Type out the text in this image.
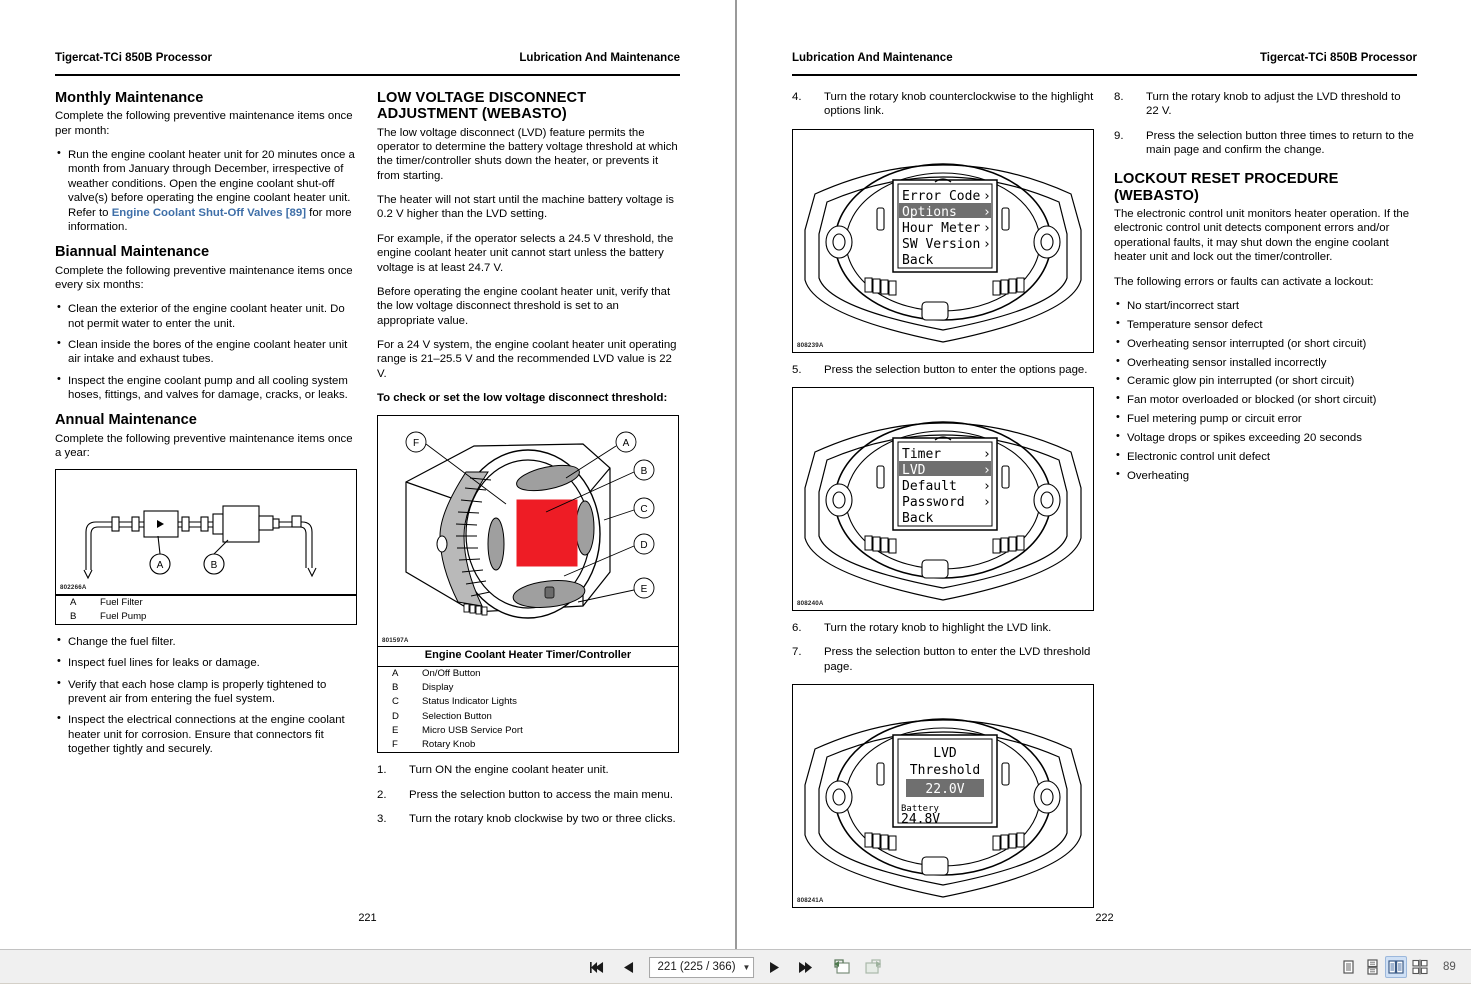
Tigercat-TCi 850B Processor	Lubrication And Maintenance
Monthly Maintenance

Complete the following preventive maintenance items once per month:

• Run the engine coolant heater unit for 20 minutes once a month from January through December, irrespective of weather conditions. Open the engine coolant shut-off valve(s) before operating the engine coolant heater unit. Refer to Engine Coolant Shut-Off Valves [89] for more information.
Biannual Maintenance

Complete the following preventive maintenance items once every six months:

• Clean the exterior of the engine coolant heater unit. Do not permit water to enter the unit.
• Clean inside the bores of the engine coolant heater unit air intake and exhaust tubes.
• Inspect the engine coolant pump and all cooling system hoses, fittings, and valves for damage, cracks, or leaks.
Annual Maintenance

Complete the following preventive maintenance items once a year:

A	B
802266A
A	Fuel Filter
B	Fuel Pump
• Change the fuel filter.
• Inspect fuel lines for leaks or damage.
• Verify that each hose clamp is properly tightened to prevent air from entering the fuel system.
• Inspect the electrical connections at the engine coolant heater unit for corrosion. Ensure that connectors fit together tightly and securely.
LOW VOLTAGE DISCONNECT
ADJUSTMENT (WEBASTO)

The low voltage disconnect (LVD) feature permits the operator to determine the battery voltage threshold at which the timer/controller shuts down the heater, or prevents it from starting.

The heater will not start until the machine battery voltage is 0.2 V higher than the LVD setting.

For example, if the operator selects a 24.5 V threshold, the engine coolant heater unit cannot start unless the battery voltage is at least 24.7 V.

Before operating the engine coolant heater unit, verify that the low voltage disconnect threshold is set to an appropriate value.

For a 24 V system, the engine coolant heater unit operating range is 21–25.5 V and the recommended LVD value is 22 V.

To check or set the low voltage disconnect threshold:

F	A
B
C
D
E
801597A
Engine Coolant Heater Timer/Controller
A	On/Off Button
B	Display
C	Status Indicator Lights
D	Selection Button
E	Micro USB Service Port
F	Rotary Knob
1.	Turn ON the engine coolant heater unit.
2.	Press the selection button to access the main menu.
3.	Turn the rotary knob clockwise by two or three clicks.
221
Lubrication And Maintenance	Tigercat-TCi 850B Processor
4.	Turn the rotary knob counterclockwise to the highlight options link.
Error Code ›
Options ›
Hour Meter ›
SW Version ›
Back
808239A
5.	Press the selection button to enter the options page.
Timer	›
LVD	›
Default ›
Password ›
Back
808240A
6.	Turn the rotary knob to highlight the LVD link.
7.	Press the selection button to enter the LVD threshold page.
LVD
Threshold
22.0V
Battery
24.8V
808241A
8.	Turn the rotary knob to adjust the LVD threshold to 22 V.
9.	Press the selection button three times to return to the main page and confirm the change.
LOCKOUT RESET PROCEDURE
(WEBASTO)

The electronic control unit monitors heater operation. If the electronic control unit detects component errors and/or operational faults, it may shut down the engine coolant heater unit and lock out the timer/controller.

The following errors or faults can activate a lockout:

• No start/incorrect start
• Temperature sensor defect
• Overheating sensor interrupted (or short circuit)
• Overheating sensor installed incorrectly
• Ceramic glow pin interrupted (or short circuit)
• Fan motor overloaded or blocked (or short circuit)
• Fuel metering pump or circuit error
• Voltage drops or spikes exceeding 20 seconds
• Electronic control unit defect
• Overheating
222
221 (225 / 366) ▼	89
